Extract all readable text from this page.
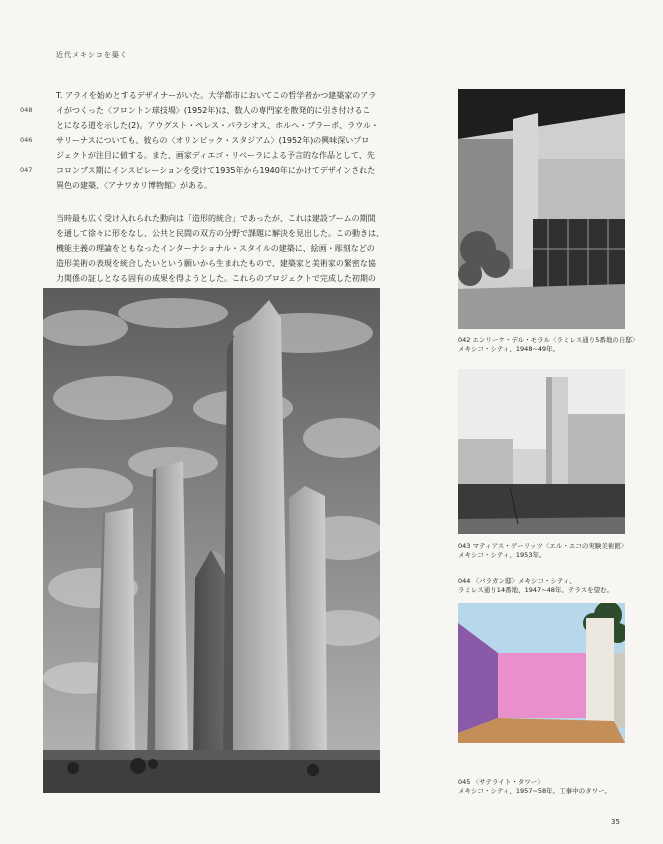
近代メキシコを築く
048
046
047

T. アライを始めとするデザイナーがいた。大学都市においてこの哲学者かつ建築家のアラ

イがつくった〈フロントン球技場〉(1952年)は、数人の専門家を散発的に引き付けるこ

とになる道を示した(2)。アウグスト・ペレス・パラシオス、ホルヘ・ブラーボ、ラウル・

サリーナスについても、彼らの〈オリンピック・スタジアム〉(1952年)の興味深いプロ

ジェクトが注目に値する。また、画家ディエゴ・リベーラによる予言的な作品として、先

コロンブス期にインスピレーションを受けて1935年から1940年にかけてデザインされた

異色の建築、〈アナワカリ博物館〉がある。

当時最も広く受け入れられた動向は「造形的統合」であったが、これは建設ブームの期間

を通して徐々に形をなし、公共と民間の双方の分野で課題に解決を見出した。この動きは、

機能主義の理論をともなったインターナショナル・スタイルの建築に、絵画・彫刻などの

造形美術の表現を統合したいという願いから生まれたもので、建築家と美術家の緊密な協

力関係の証しとなる固有の成果を得ようとした。これらのプロジェクトで完成した初期の

042 エンリーケ・デル・モラル〈ラミレス通り5番地の自邸〉
メキシコ・シティ、1948~49年。
043 マティアス・ゲーリッツ〈エル・エコの実験美術館〉
メキシコ・シティ、1953年。
044 〈バラガン邸〉メキシコ・シティ、
ラミレス通り14番地、1947~48年。テラスを望む。
045 〈サテライト・タワー〉
メキシコ・シティ、1957~58年。工事中のタワー。
35
